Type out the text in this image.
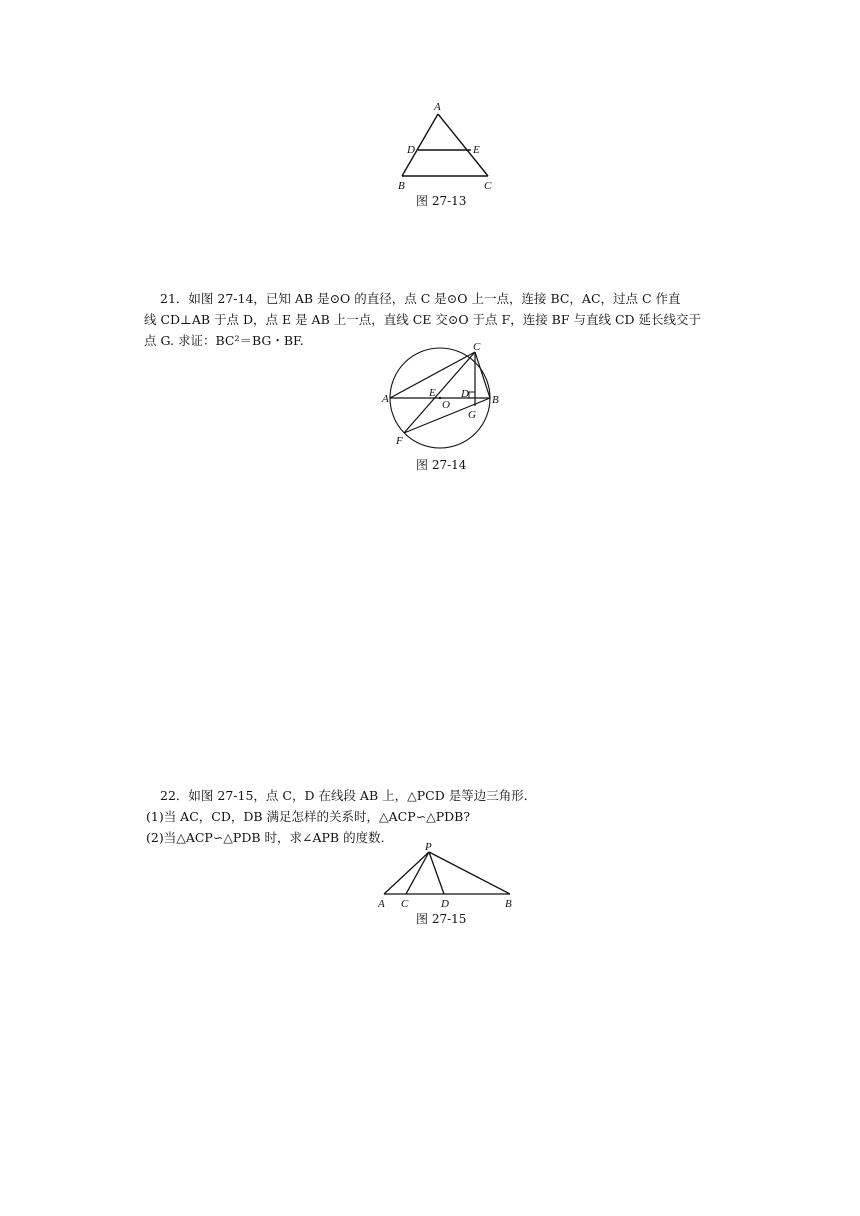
A
D	E
B	C
图 27-13

21．如图 27-14，已知 AB 是⊙O 的直径，点 C 是⊙O 上一点，连接 BC，AC，过点 C 作直

线 CD⊥AB 于点 D，点 E 是 AB 上一点，直线 CE 交⊙O 于点 F，连接 BF 与直线 CD 延长线交于

点 G. 求证：BC²＝BG・BF.	C
A	E
O
D B
G
F
图 27-14

22．如图 27-15，点 C，D 在线段 AB 上，△PCD 是等边三角形．

(1)当 AC，CD，DB 满足怎样的关系时，△ACP∽△PDB?

(2)当△ACP∽△PDB 时，求∠APB 的度数．

P
A C	D	B
图 27-15
